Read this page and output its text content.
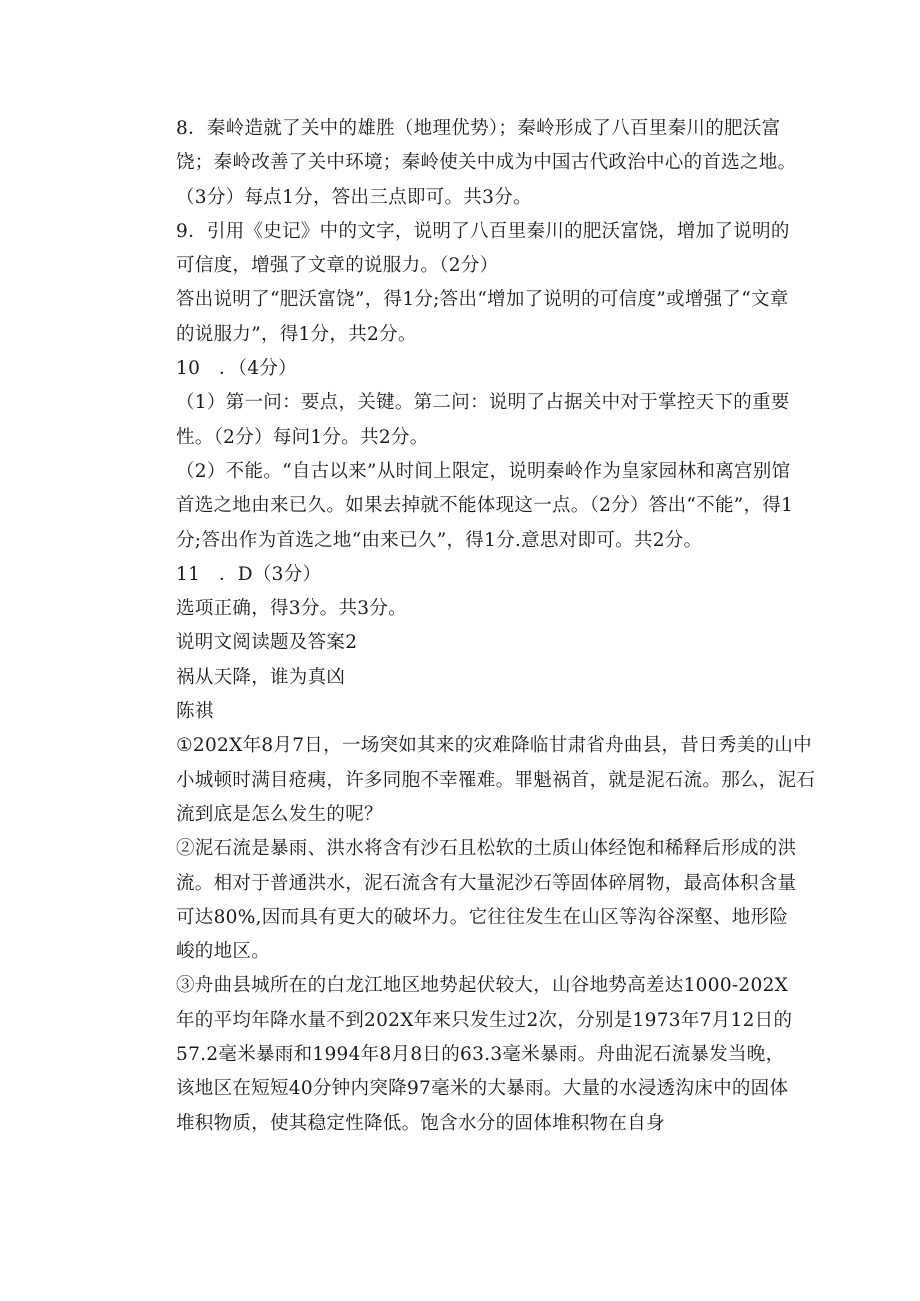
8．秦岭造就了关中的雄胜（地理优势）；秦岭形成了八百里秦川的肥沃富饶；秦岭改善了关中环境；秦岭使关中成为中国古代政治中心的首选之地。（3分）每点1分，答出三点即可。共3分。

9．引用《史记》中的文字，说明了八百里秦川的肥沃富饶，增加了说明的可信度，增强了文章的说服力。（2分）

答出说明了“肥沃富饶”，得1分;答出“增加了说明的可信度”或增强了“文章的说服力”，得1分，共2分。

10　．（4分）

（1）第一问：要点，关键。第二问：说明了占据关中对于掌控天下的重要性。（2分）每问1分。共2分。

（2）不能。“自古以来”从时间上限定，说明秦岭作为皇家园林和离宫别馆首选之地由来已久。如果去掉就不能体现这一点。（2分）答出“不能”，得1分;答出作为首选之地“由来已久”，得1分.意思对即可。共2分。

11　．D（3分）

选项正确，得3分。共3分。

说明文阅读题及答案2

祸从天降，谁为真凶

陈祺

①202X年8月7日，一场突如其来的灾难降临甘肃省舟曲县，昔日秀美的山中小城顿时满目疮痍，许多同胞不幸罹难。罪魁祸首，就是泥石流。那么，泥石流到底是怎么发生的呢？

②泥石流是暴雨、洪水将含有沙石且松软的土质山体经饱和稀释后形成的洪流。相对于普通洪水，泥石流含有大量泥沙石等固体碎屑物，最高体积含量可达80%,因而具有更大的破坏力。它往往发生在山区等沟谷深壑、地形险峻的地区。

③舟曲县城所在的白龙江地区地势起伏较大，山谷地势高差达1000-202X年的平均年降水量不到202X年来只发生过2次，分别是1973年7月12日的57.2毫米暴雨和1994年8月8日的63.3毫米暴雨。舟曲泥石流暴发当晚，该地区在短短40分钟内突降97毫米的大暴雨。大量的水浸透沟床中的固体堆积物质，使其稳定性降低。饱含水分的固体堆积物在自身
